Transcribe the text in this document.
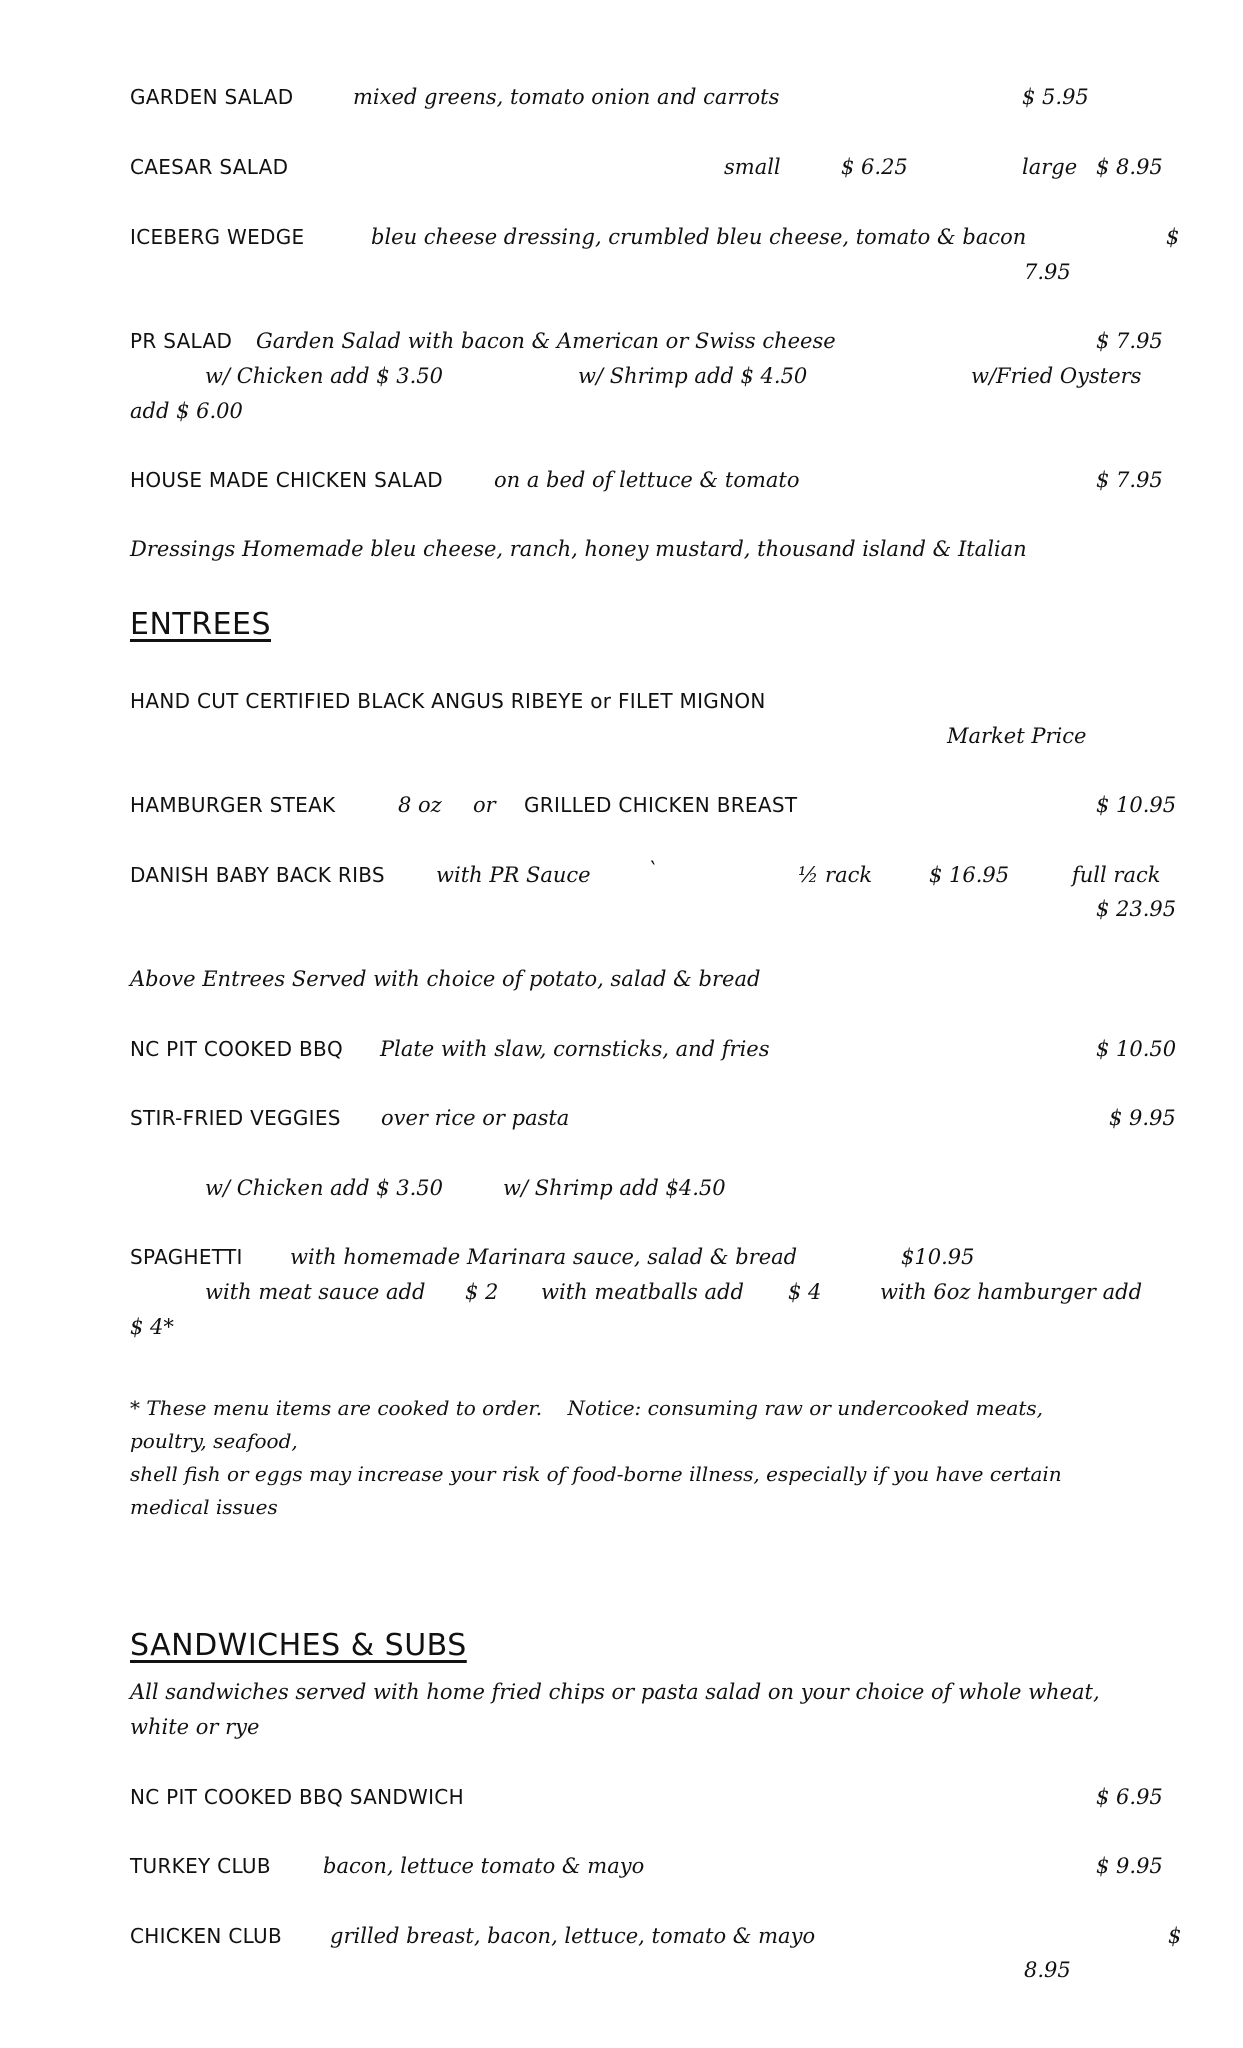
GARDEN SALAD	mixed greens, tomato onion and carrots	$ 5.95
CAESAR SALAD	small	$ 6.25	large $ 8.95
ICEBERG WEDGE	bleu cheese dressing, crumbled bleu cheese, tomato & bacon	$
7.95
PR SALAD Garden Salad with bacon & American or Swiss cheese	$ 7.95
w/ Chicken add $ 3.50	w/ Shrimp add $ 4.50	w/Fried Oysters
add $ 6.00
HOUSE MADE CHICKEN SALAD on a bed of lettuce & tomato	$ 7.95
Dressings Homemade bleu cheese, ranch, honey mustard, thousand island & Italian
ENTREES
HAND CUT CERTIFIED BLACK ANGUS RIBEYE or FILET MIGNON
Market Price
HAMBURGER STEAK	8 oz or GRILLED CHICKEN BREAST	$ 10.95
DANISH BABY BACK RIBS with PR Sauce	`	½ rack	$ 16.95	full rack
$ 23.95
Above Entrees Served with choice of potato, salad & bread
NC PIT COOKED BBQ Plate with slaw, cornsticks, and fries	$ 10.50
STIR-FRIED VEGGIES over rice or pasta	$ 9.95
w/ Chicken add $ 3.50	w/ Shrimp add $4.50
SPAGHETTI with homemade Marinara sauce, salad & bread	$10.95
with meat sauce add $ 2 with meatballs add $ 4	with 6oz hamburger add
$ 4*
* These menu items are cooked to order.    Notice: consuming raw or undercooked meats,
poultry, seafood,
shell fish or eggs may increase your risk of food-borne illness, especially if you have certain
medical issues
SANDWICHES & SUBS
All sandwiches served with home fried chips or pasta salad on your choice of whole wheat,
white or rye
NC PIT COOKED BBQ SANDWICH	$ 6.95
TURKEY CLUB bacon, lettuce tomato & mayo	$ 9.95
CHICKEN CLUB grilled breast, bacon, lettuce, tomato & mayo	$
8.95
